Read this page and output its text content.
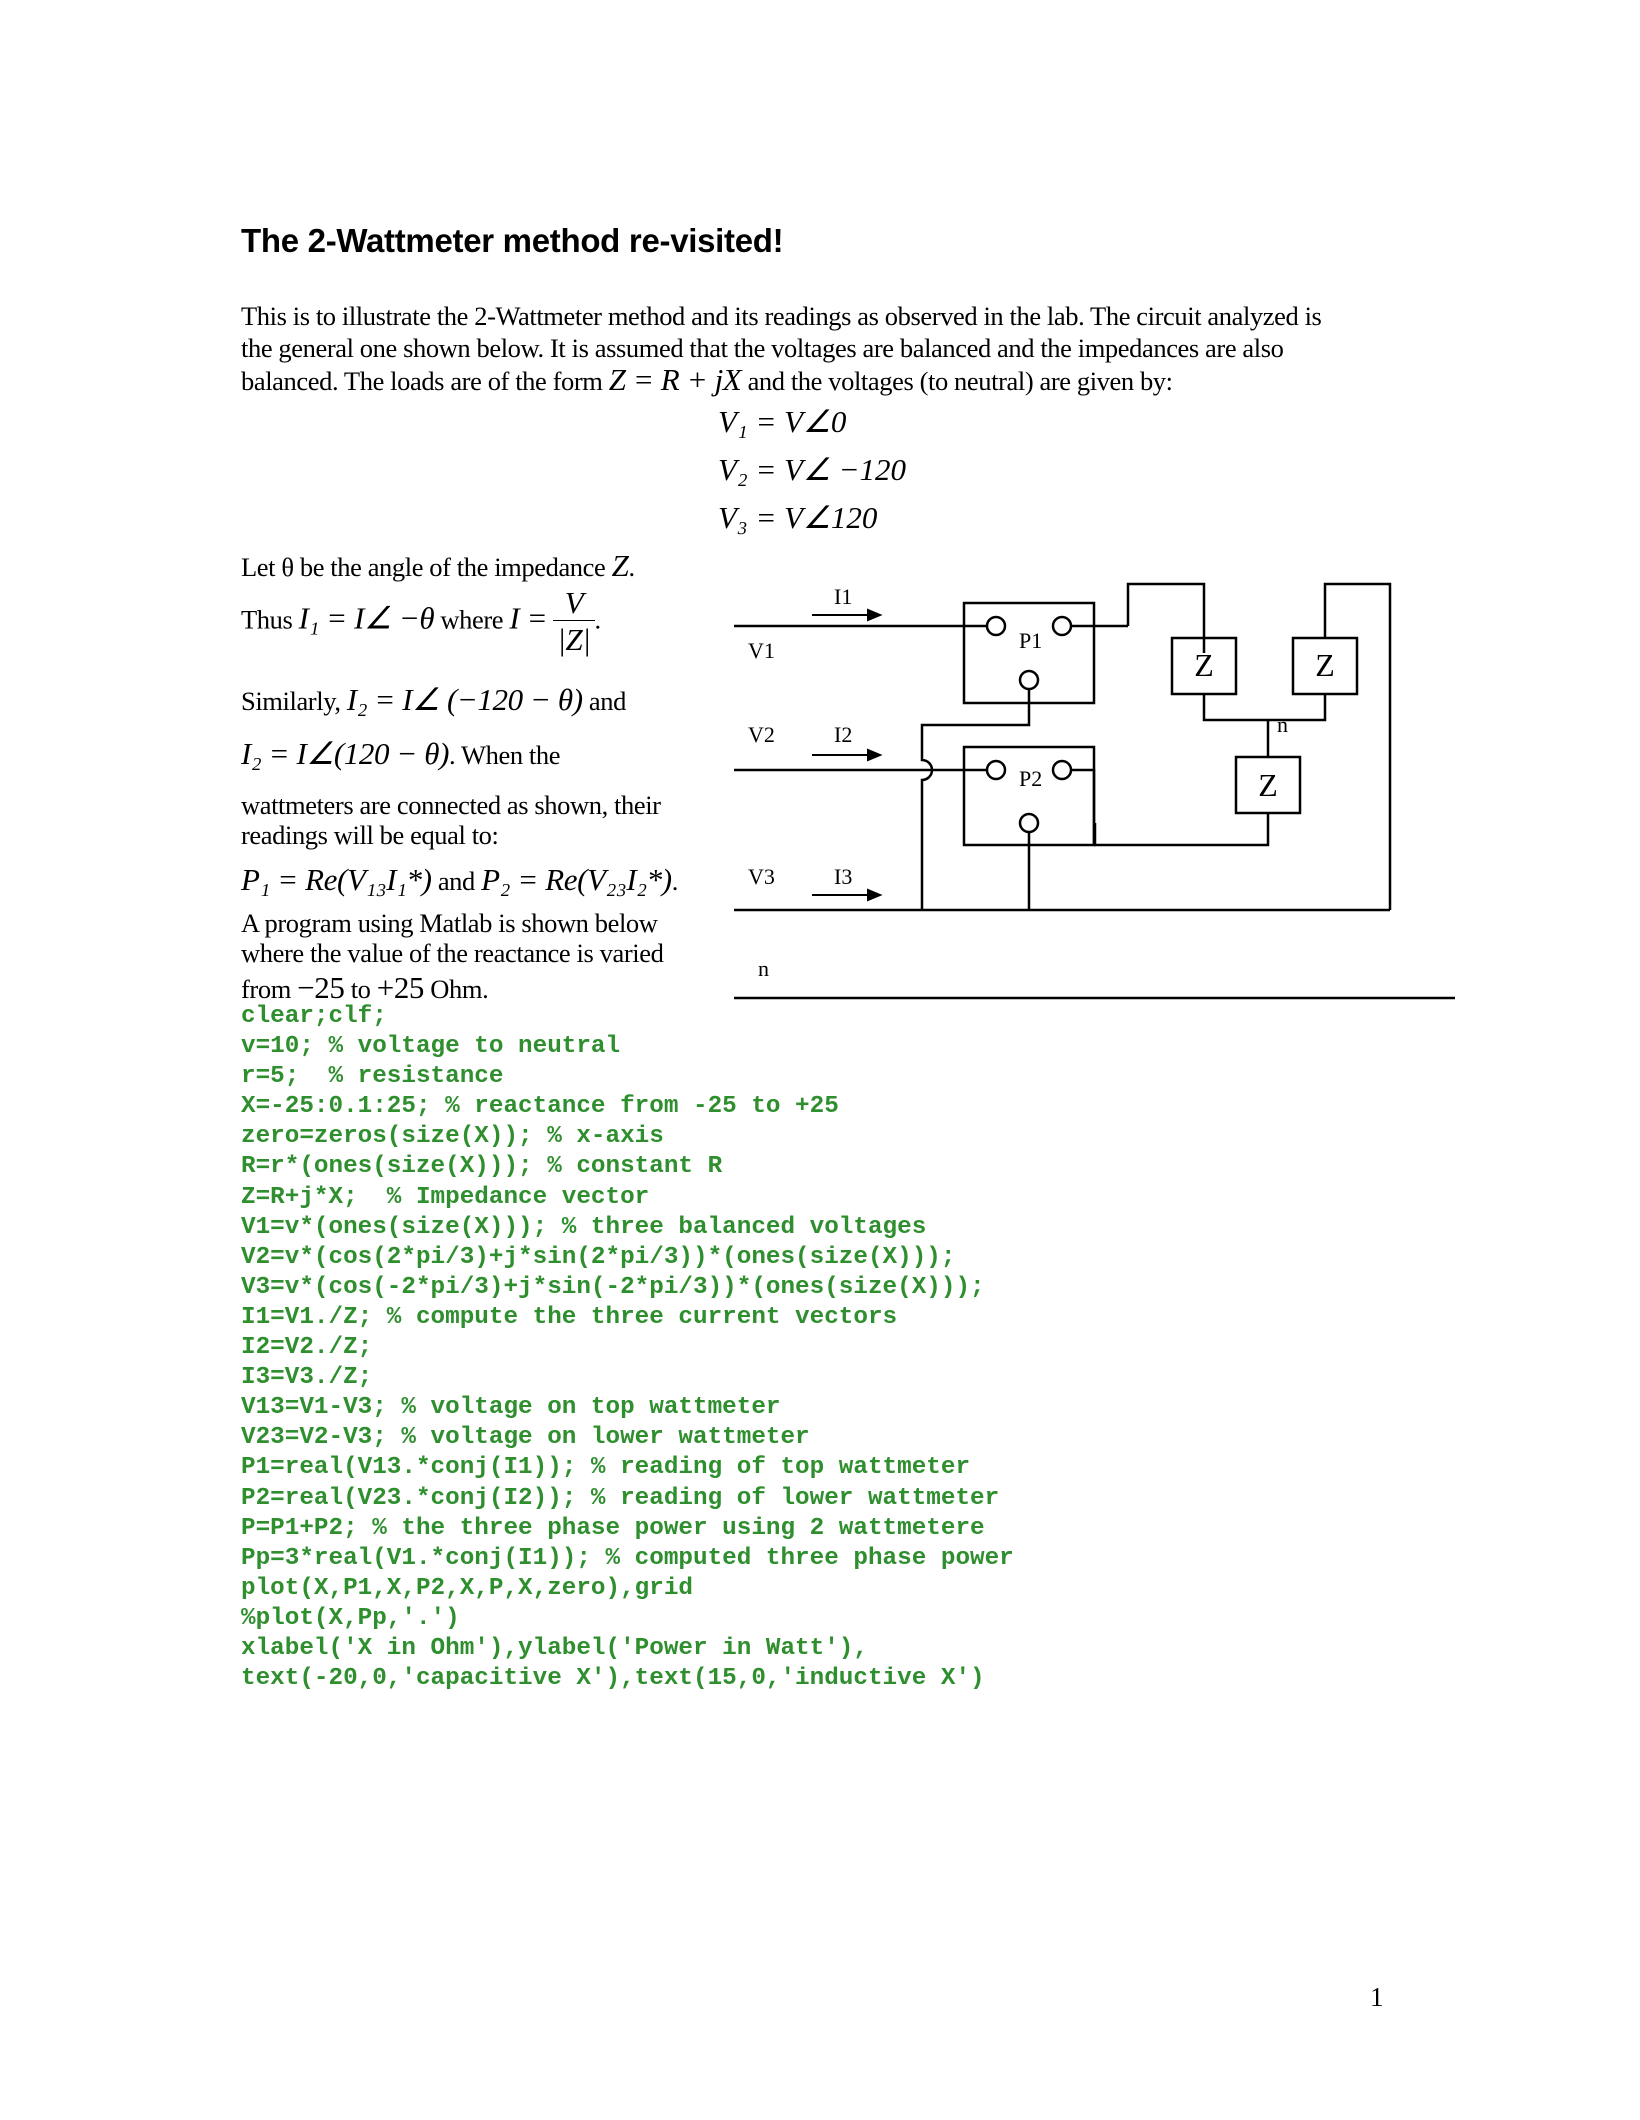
The 2-Wattmeter method re-visited!

This is to illustrate the 2-Wattmeter method and its readings as observed in the lab. The circuit analyzed is

the general one shown below. It is assumed that the voltages are balanced and the impedances are also

balanced. The loads are of the form Z = R + jX and the voltages (to neutral) are given by:

V₁ = V∠0
V₂ = V∠ −120
V₃ = V∠120
Let θ be the angle of the impedance Z.
Thus I₁ = I∠ −θ where $I = \frac{V}{|Z|}$ .
Similarly, I₂ = I∠ (−120 − θ) and
I₂ = I∠(120 − θ). When the
wattmeters are connected as shown, their
readings will be equal to:
P₁ = Re(V₁₃I₁*) and P₂ = Re(V₂₃I₂*).
A program using Matlab is shown below
where the value of the reactance is varied
from −25 to +25 Ohm.
I1
V1
V2	I2
V3	I3
n
n
P1
P2
Z	Z
Z
clear;clf;
v=10; % voltage to neutral
r=5;  % resistance
X=-25:0.1:25; % reactance from -25 to +25
zero=zeros(size(X)); % x-axis
R=r*(ones(size(X))); % constant R
Z=R+j*X;  % Impedance vector
V1=v*(ones(size(X))); % three balanced voltages
V2=v*(cos(2*pi/3)+j*sin(2*pi/3))*(ones(size(X)));
V3=v*(cos(-2*pi/3)+j*sin(-2*pi/3))*(ones(size(X)));
I1=V1./Z; % compute the three current vectors
I2=V2./Z;
I3=V3./Z;
V13=V1-V3; % voltage on top wattmeter
V23=V2-V3; % voltage on lower wattmeter
P1=real(V13.*conj(I1)); % reading of top wattmeter
P2=real(V23.*conj(I2)); % reading of lower wattmeter
P=P1+P2; % the three phase power using 2 wattmetere
Pp=3*real(V1.*conj(I1)); % computed three phase power
plot(X,P1,X,P2,X,P,X,zero),grid
%plot(X,Pp,'.')
xlabel('X in Ohm'),ylabel('Power in Watt'),
text(-20,0,'capacitive X'),text(15,0,'inductive X')
1
